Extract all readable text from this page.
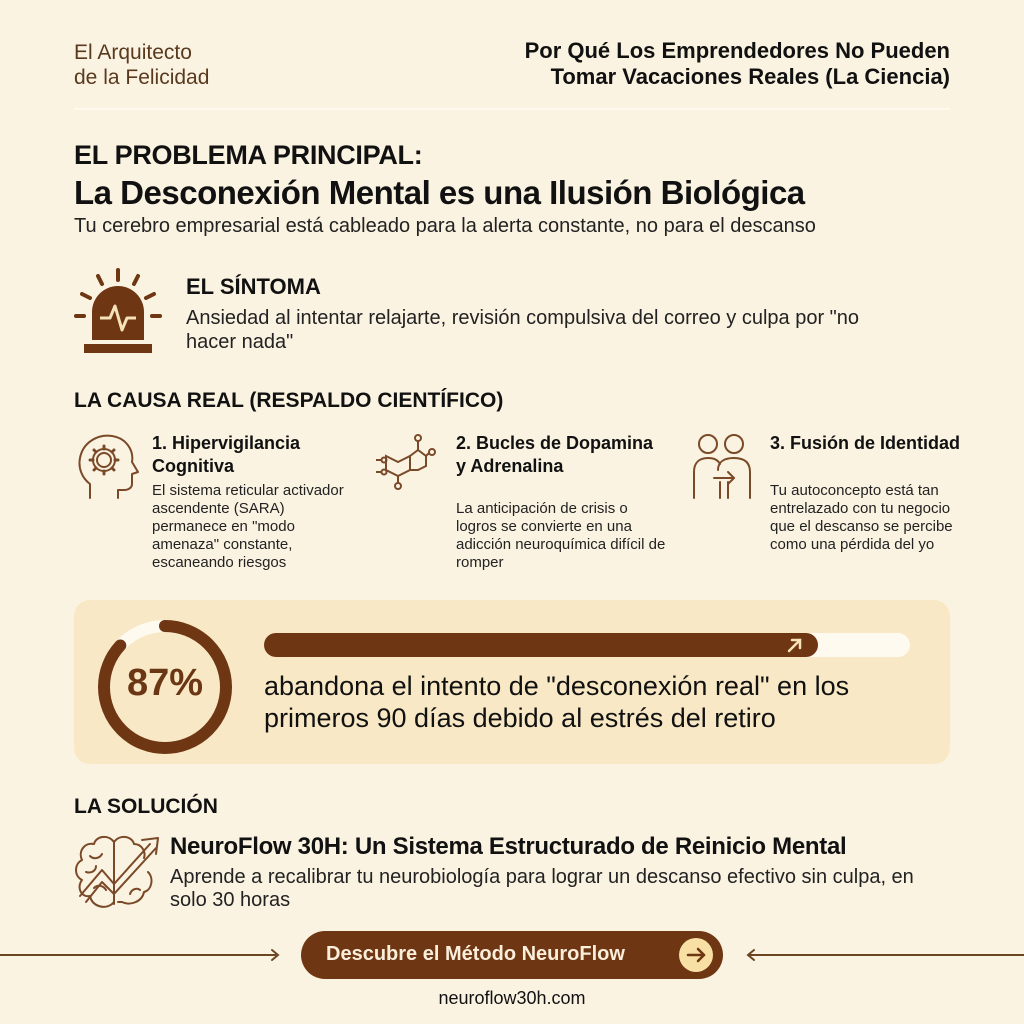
El Arquitecto
de la Felicidad
Por Qué Los Emprendedores No Pueden
Tomar Vacaciones Reales (La Ciencia)
EL PROBLEMA PRINCIPAL:
La Desconexión Mental es una Ilusión Biológica
Tu cerebro empresarial está cableado para la alerta constante, no para el descanso
EL SÍNTOMA
Ansiedad al intentar relajarte, revisión compulsiva del correo y culpa por "no hacer nada"
LA CAUSA REAL (RESPALDO CIENTÍFICO)
1. Hipervigilancia Cognitiva
El sistema reticular activador ascendente (SARA) permanece en "modo amenaza" constante, escaneando riesgos
2. Bucles de Dopamina y Adrenalina
La anticipación de crisis o logros se convierte en una adicción neuroquímica difícil de romper
3. Fusión de Identidad
Tu autoconcepto está tan entrelazado con tu negocio que el descanso se percibe como una pérdida del yo
87%	abandona el intento de "desconexión real" en los primeros 90 días debido al estrés del retiro
LA SOLUCIÓN
NeuroFlow 30H: Un Sistema Estructurado de Reinicio Mental
Aprende a recalibrar tu neurobiología para lograr un descanso efectivo sin culpa, en solo 30 horas
Descubre el Método NeuroFlow
neuroflow30h.com
